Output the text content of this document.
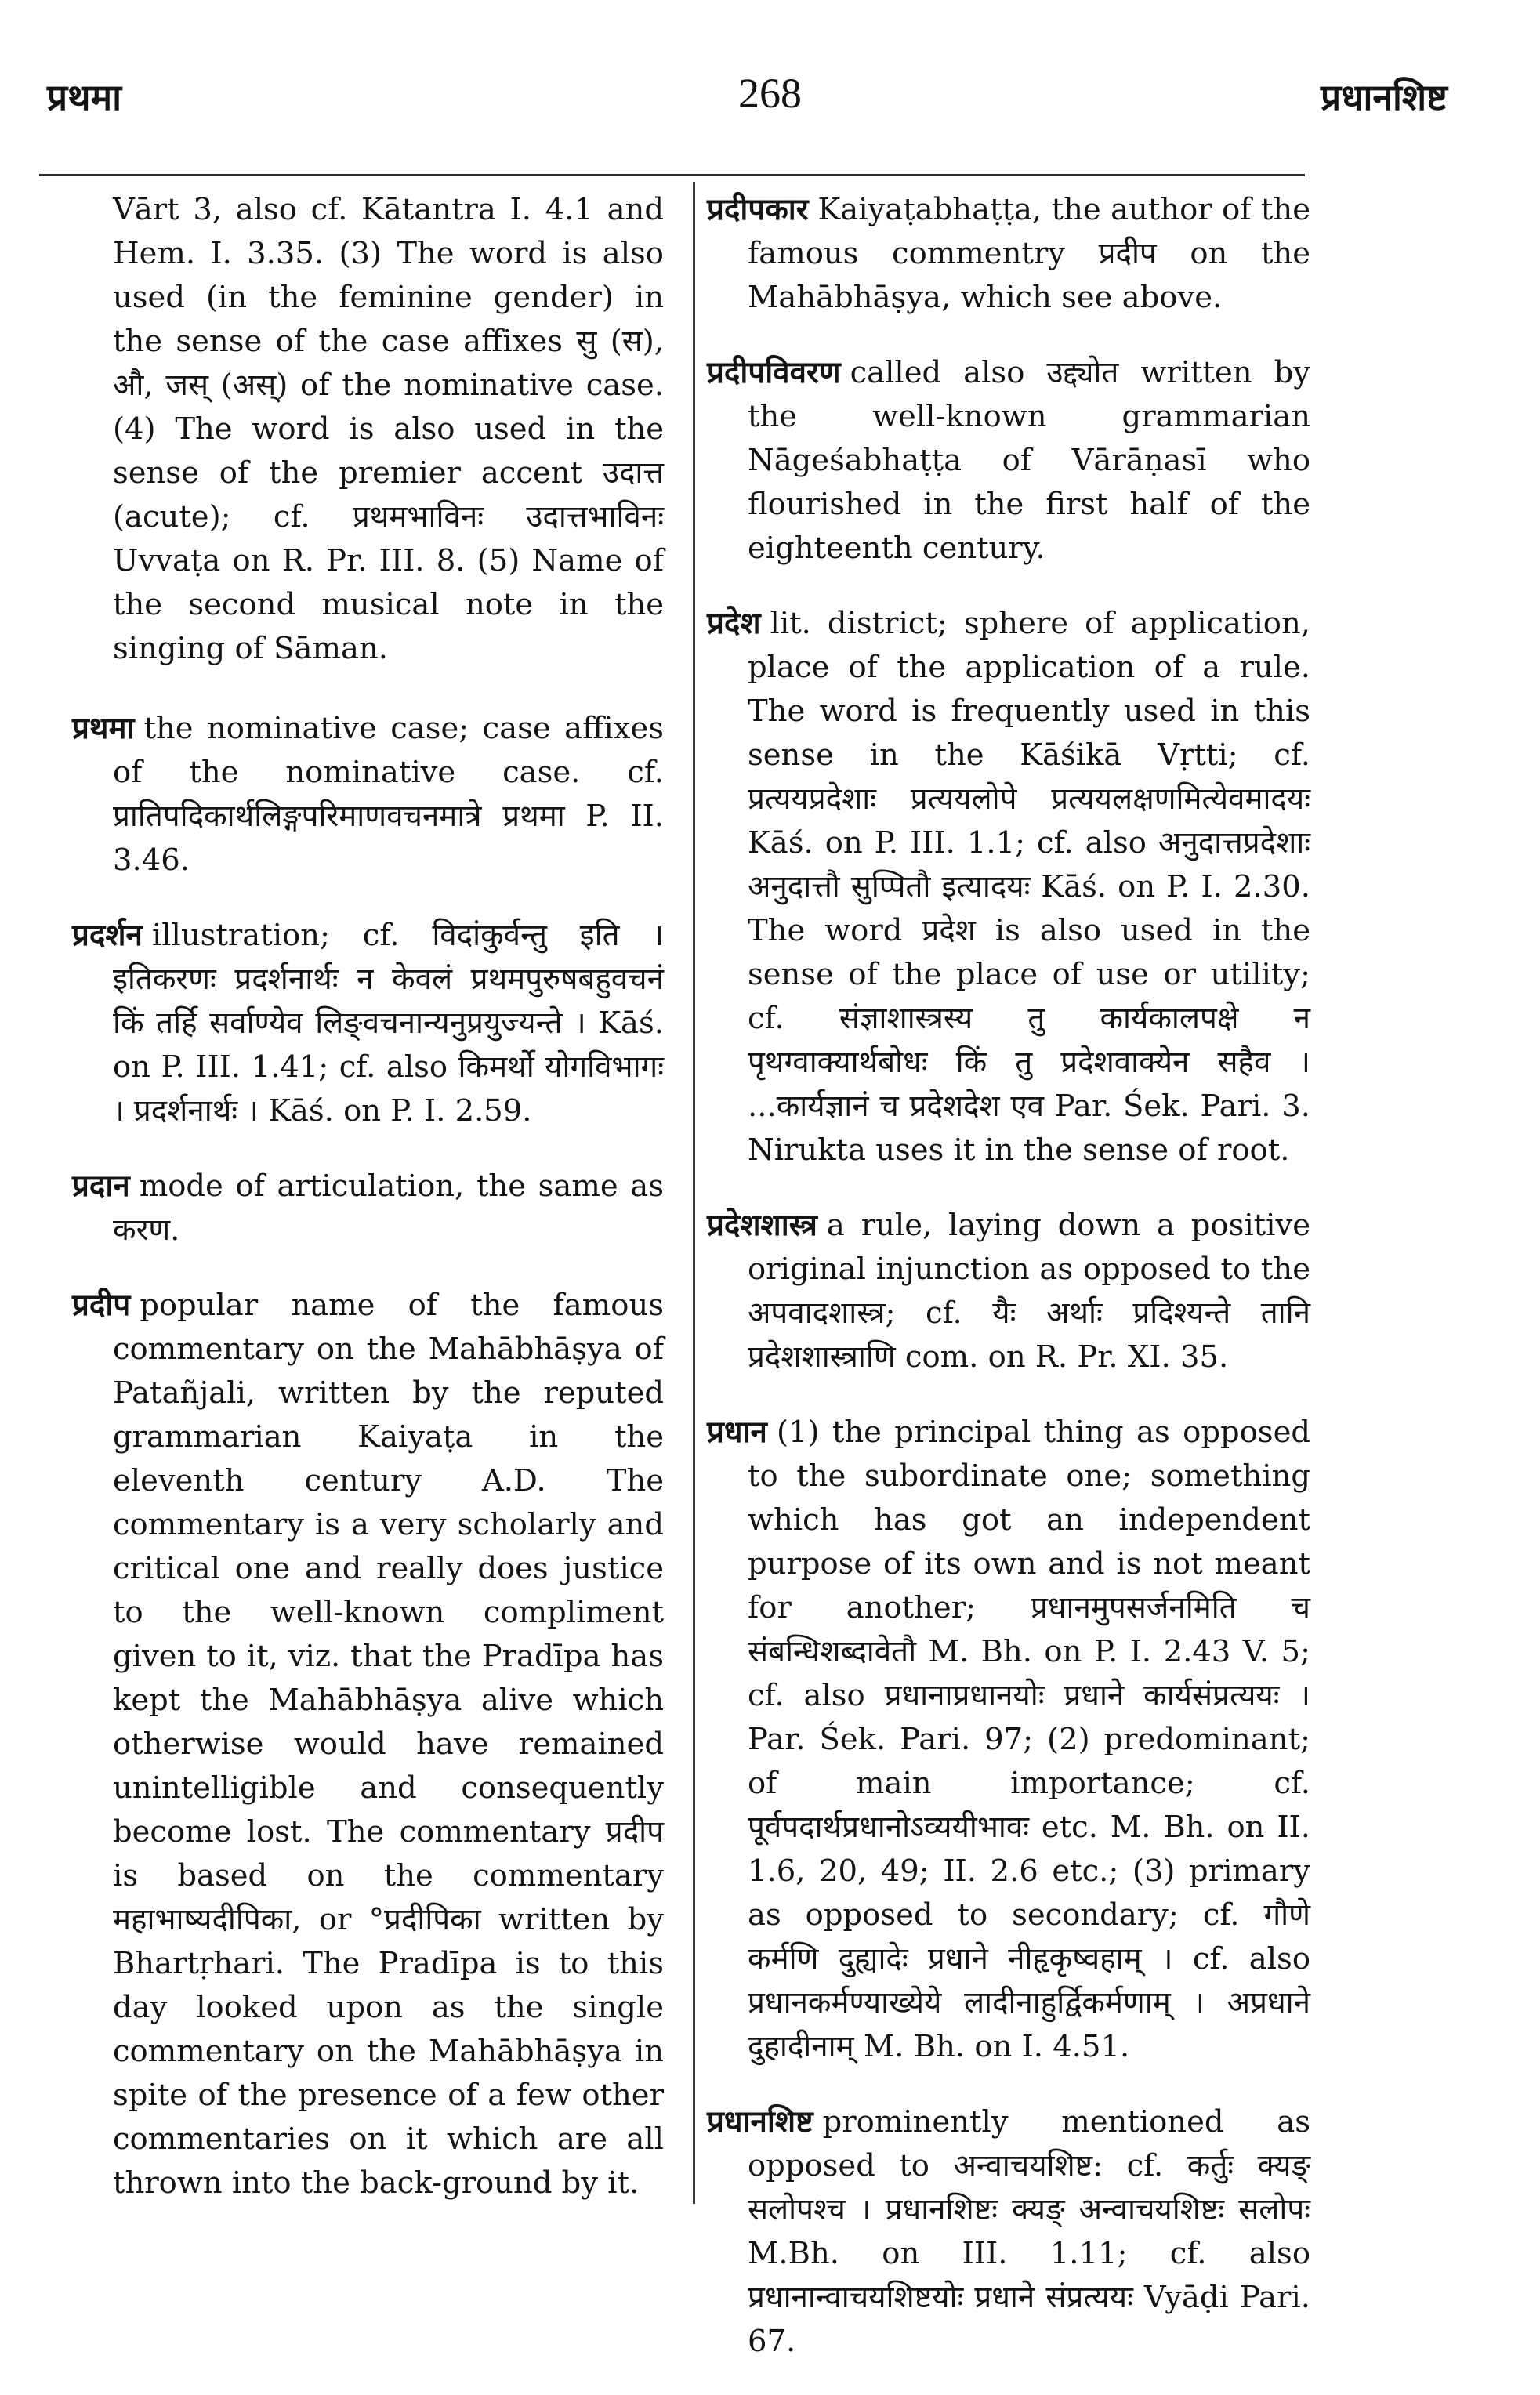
प्रथमा	268	प्रधानशिष्ट

Vārt 3, also cf. Kātantra I. 4.1 and Hem. I. 3.35. (3) The word is also used (in the feminine gender) in the sense of the case affixes सु (स), औ, जस् (अस्) of the nominative case. (4) The word is also used in the sense of the premier accent उदात्त (acute); cf. प्रथमभाविनः उदात्तभाविनः Uvvaṭa on R. Pr. III. 8. (5) Name of the second musical note in the singing of Sāman.

प्रथमा the nominative case; case affixes of the nominative case. cf. प्रातिपदिकार्थलिङ्गपरिमाणवचनमात्रे प्रथमा P. II. 3.46.

प्रदर्शन illustration; cf. विदांकुर्वन्तु इति । इतिकरणः प्रदर्शनार्थः न केवलं प्रथमपुरुषबहुवचनं किं तर्हि सर्वाण्येव लिङ्वचनान्यनुप्रयुज्यन्ते । Kāś. on P. III. 1.41; cf. also किमर्थो योगविभागः । प्रदर्शनार्थः । Kāś. on P. I. 2.59.

प्रदान mode of articulation, the same as करण.

प्रदीप popular name of the famous commentary on the Mahābhāṣya of Patañjali, written by the reputed grammarian Kaiyaṭa in the eleventh century A.D. The commentary is a very scholarly and critical one and really does justice to the well-known compliment given to it, viz. that the Pradīpa has kept the Mahābhāṣya alive which otherwise would have remained unintelligible and consequently become lost. The commentary प्रदीप is based on the commentary महाभाष्यदीपिका, or °प्रदीपिका written by Bhartṛhari. The Pradīpa is to this day looked upon as the single commentary on the Mahābhāṣya in spite of the presence of a few other commentaries on it which are all thrown into the back-ground by it.

प्रदीपकार Kaiyaṭabhaṭṭa, the author of the famous commentry प्रदीप on the Mahābhāṣya, which see above.

प्रदीपविवरण called also उद्द्योत written by the well-known grammarian Nāgeśabhaṭṭa of Vārāṇasī who flourished in the first half of the eighteenth century.

प्रदेश lit. district; sphere of application, place of the application of a rule. The word is frequently used in this sense in the Kāśikā Vṛtti; cf. प्रत्ययप्रदेशाः प्रत्ययलोपे प्रत्ययलक्षणमित्येवमादयः Kāś. on P. III. 1.1; cf. also अनुदात्तप्रदेशाः अनुदात्तौ सुप्पितौ इत्यादयः Kāś. on P. I. 2.30. The word प्रदेश is also used in the sense of the place of use or utility; cf. संज्ञाशास्त्रस्य तु कार्यकालपक्षे न पृथग्वाक्यार्थबोधः किं तु प्रदेशवाक्येन सहैव । ...कार्यज्ञानं च प्रदेशदेश एव Par. Śek. Pari. 3. Nirukta uses it in the sense of root.

प्रदेशशास्त्र a rule, laying down a positive original injunction as opposed to the अपवादशास्त्र; cf. यैः अर्थाः प्रदिश्यन्ते तानि प्रदेशशास्त्राणि com. on R. Pr. XI. 35.

प्रधान (1) the principal thing as opposed to the subordinate one; something which has got an independent purpose of its own and is not meant for another; प्रधानमुपसर्जनमिति च संबन्धिशब्दावेतौ M. Bh. on P. I. 2.43 V. 5; cf. also प्रधानाप्रधानयोः प्रधाने कार्यसंप्रत्ययः । Par. Śek. Pari. 97; (2) predominant; of main importance; cf. पूर्वपदार्थप्रधानोऽव्ययीभावः etc. M. Bh. on II. 1.6, 20, 49; II. 2.6 etc.; (3) primary as opposed to secondary; cf. गौणे कर्मणि दुह्यादेः प्रधाने नीहृकृष्वहाम् । cf. also प्रधानकर्मण्याख्येये लादीनाहुर्द्विकर्मणाम् । अप्रधाने दुहादीनाम् M. Bh. on I. 4.51.

प्रधानशिष्ट prominently mentioned as opposed to अन्वाचयशिष्ट: cf. कर्तुः क्यङ् सलोपश्च । प्रधानशिष्टः क्यङ् अन्वाचयशिष्टः सलोपः M.Bh. on III. 1.11; cf. also प्रधानान्वाचयशिष्टयोः प्रधाने संप्रत्ययः Vyāḍi Pari. 67.
